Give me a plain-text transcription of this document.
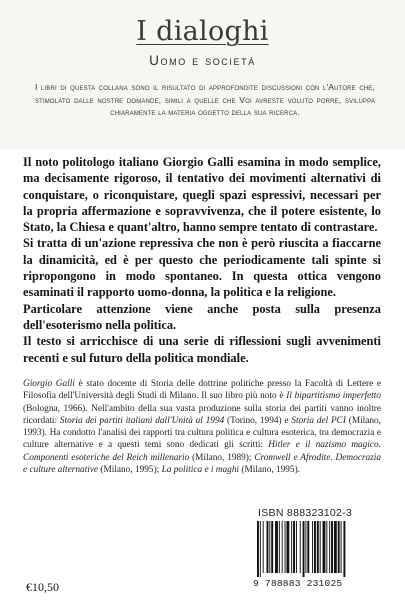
I dialoghi
Uomo e società
I libri di questa collana sono il risultato di approfondite discussioni con l'Autore che, stimolato dalle nostre domande, simili a quelle che Voi avreste voluto porre, sviluppa chiaramente la materia oggetto della sua ricerca.

Il noto politologo italiano Giorgio Galli esamina in modo semplice, ma decisamente rigoroso, il tentativo dei movimenti alternativi di conquistare, o riconquistare, quegli spazi espressivi, necessari per la propria affermazione e sopravvivenza, che il potere esistente, lo Stato, la Chiesa e quant'altro, hanno sempre tentato di contrastare.

Si tratta di un'azione repressiva che non è però riuscita a fiaccarne la dinamicità, ed è per questo che periodicamente tali spinte si ripropongono in modo spontaneo. In questa ottica vengono esaminati il rapporto uomo-donna, la politica e la religione.

Particolare attenzione viene anche posta sulla presenza dell'esoterismo nella politica.

Il testo si arricchisce di una serie di riflessioni sugli avvenimenti recenti e sul futuro della politica mondiale.

Giorgio Galli è stato docente di Storia delle dottrine politiche presso la Facoltà di Lettere e Filosofia dell'Università degli Studi di Milano. Il suo libro più noto è Il bipartitismo imperfetto (Bologna, 1966). Nell'ambito della sua vasta produzione sulla storia dei partiti vanno inoltre ricordati: Storia dei partiti italiani dall'Unità al 1994 (Torino, 1994) e Storia del PCI (Milano, 1993). Ha condotto l'analisi dei rapporti tra cultura politica e cultura esoterica, tra democrazia e culture alternative e a questi temi sono dedicati gli scritti: Hitler e il nazismo magico. Componenti esoteriche del Reich millenario (Milano, 1989); Cromwell e Afrodite. Democrazia e culture alternative (Milano, 1995); La politica e i maghi (Milano, 1995).

ISBN 888323102-3
9 788883 231025
€10,50
